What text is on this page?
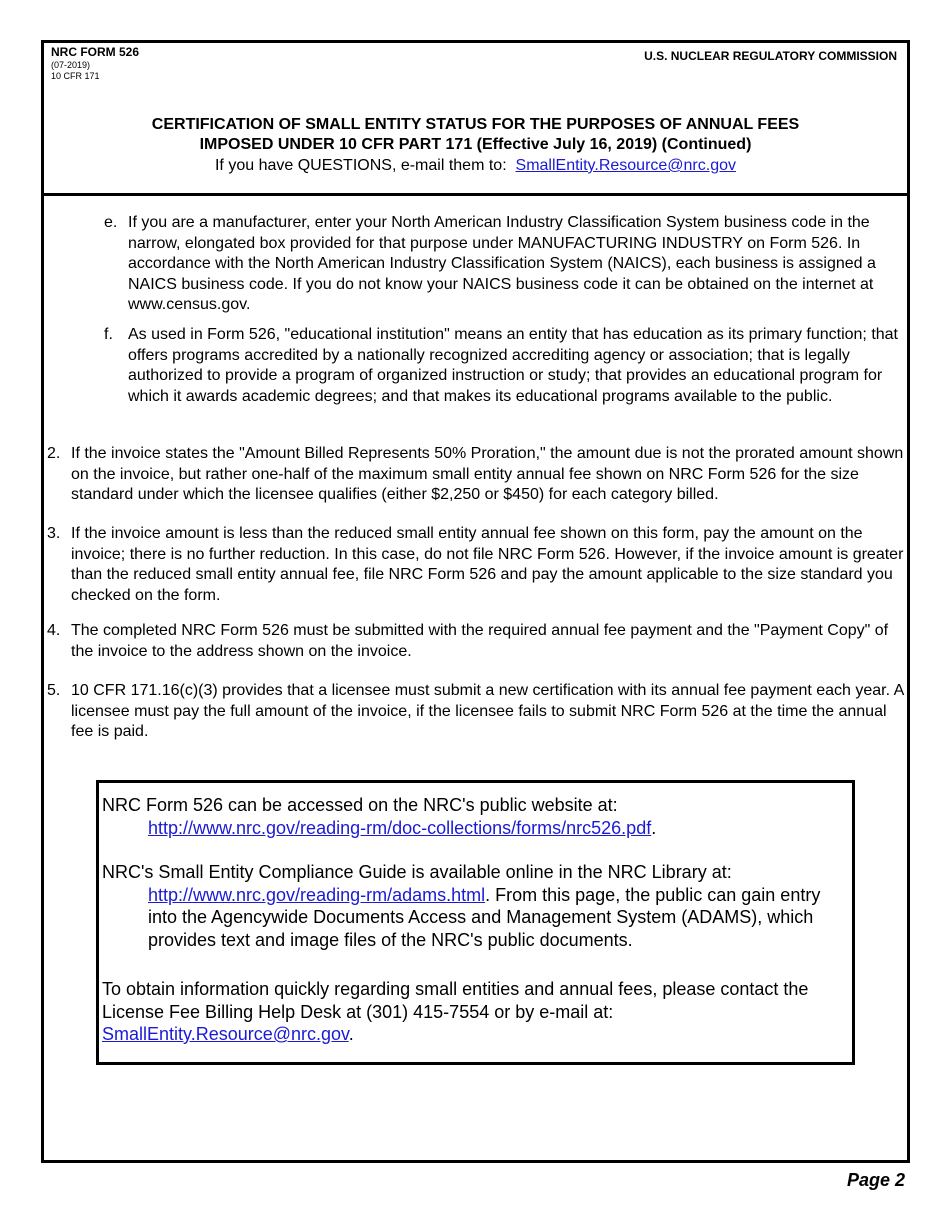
NRC FORM 526
(07-2019)
10 CFR 171
U.S. NUCLEAR REGULATORY COMMISSION
CERTIFICATION OF SMALL ENTITY STATUS FOR THE PURPOSES OF ANNUAL FEES
IMPOSED UNDER 10 CFR PART 171 (Effective July 16, 2019) (Continued)
If you have QUESTIONS, e-mail them to: SmallEntity.Resource@nrc.gov
e. If you are a manufacturer, enter your North American Industry Classification System business code in the narrow, elongated box provided for that purpose under MANUFACTURING INDUSTRY on Form 526. In accordance with the North American Industry Classification System (NAICS), each business is assigned a NAICS business code. If you do not know your NAICS business code it can be obtained on the internet at www.census.gov.
f. As used in Form 526, "educational institution" means an entity that has education as its primary function; that offers programs accredited by a nationally recognized accrediting agency or association; that is legally authorized to provide a program of organized instruction or study; that provides an educational program for which it awards academic degrees; and that makes its educational programs available to the public.
2. If the invoice states the "Amount Billed Represents 50% Proration," the amount due is not the prorated amount shown on the invoice, but rather one-half of the maximum small entity annual fee shown on NRC Form 526 for the size standard under which the licensee qualifies (either $2,250 or $450) for each category billed.
3. If the invoice amount is less than the reduced small entity annual fee shown on this form, pay the amount on the invoice; there is no further reduction. In this case, do not file NRC Form 526. However, if the invoice amount is greater than the reduced small entity annual fee, file NRC Form 526 and pay the amount applicable to the size standard you checked on the form.
4. The completed NRC Form 526 must be submitted with the required annual fee payment and the "Payment Copy" of the invoice to the address shown on the invoice.
5. 10 CFR 171.16(c)(3) provides that a licensee must submit a new certification with its annual fee payment each year. A licensee must pay the full amount of the invoice, if the licensee fails to submit NRC Form 526 at the time the annual fee is paid.

NRC Form 526 can be accessed on the NRC's public website at:
http://www.nrc.gov/reading-rm/doc-collections/forms/nrc526.pdf.

NRC's Small Entity Compliance Guide is available online in the NRC Library at:
http://www.nrc.gov/reading-rm/adams.html. From this page, the public can gain entry into the Agencywide Documents Access and Management System (ADAMS), which provides text and image files of the NRC's public documents.

To obtain information quickly regarding small entities and annual fees, please contact the License Fee Billing Help Desk at (301) 415-7554 or by e-mail at:
SmallEntity.Resource@nrc.gov.

Page 2
